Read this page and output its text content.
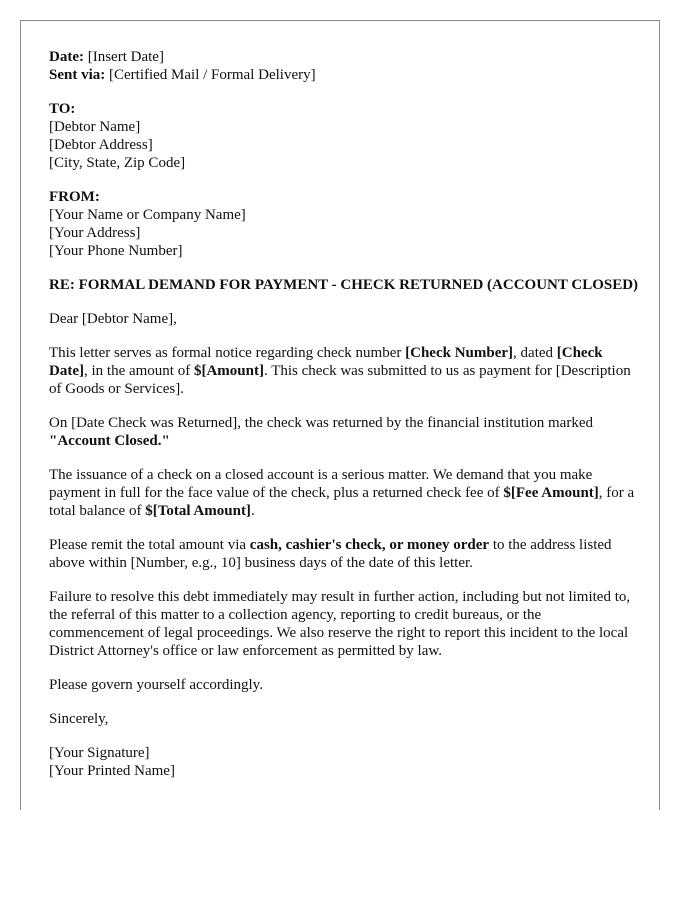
Date: [Insert Date]
Sent via: [Certified Mail / Formal Delivery]
TO:
[Debtor Name]
[Debtor Address]
[City, State, Zip Code]
FROM:
[Your Name or Company Name]
[Your Address]
[Your Phone Number]

RE: FORMAL DEMAND FOR PAYMENT - CHECK RETURNED (ACCOUNT CLOSED)

Dear [Debtor Name],

This letter serves as formal notice regarding check number [Check Number], dated [Check Date], in the amount of $[Amount]. This check was submitted to us as payment for [Description of Goods or Services].

On [Date Check was Returned], the check was returned by the financial institution marked "Account Closed."

The issuance of a check on a closed account is a serious matter. We demand that you make payment in full for the face value of the check, plus a returned check fee of $[Fee Amount], for a total balance of $[Total Amount].

Please remit the total amount via cash, cashier's check, or money order to the address listed above within [Number, e.g., 10] business days of the date of this letter.

Failure to resolve this debt immediately may result in further action, including but not limited to, the referral of this matter to a collection agency, reporting to credit bureaus, or the commencement of legal proceedings. We also reserve the right to report this incident to the local District Attorney's office or law enforcement as permitted by law.

Please govern yourself accordingly.

Sincerely,

[Your Signature]
[Your Printed Name]
